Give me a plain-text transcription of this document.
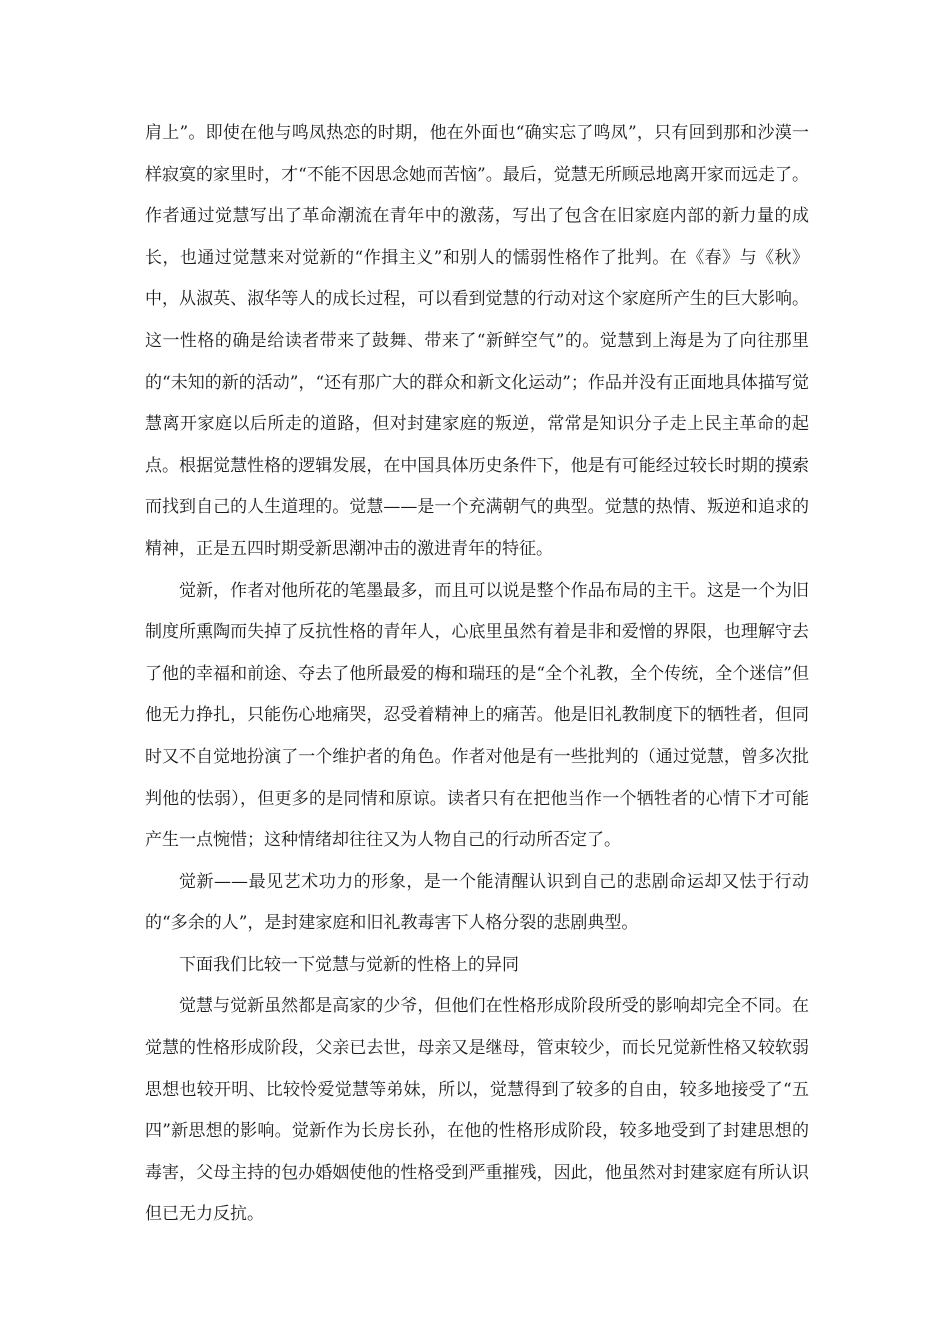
肩上”。即使在他与鸣凤热恋的时期，他在外面也“确实忘了鸣凤”，只有回到那和沙漠一样寂寞的家里时，才“不能不因思念她而苦恼”。最后，觉慧无所顾忌地离开家而远走了。作者通过觉慧写出了革命潮流在青年中的激荡，写出了包含在旧家庭内部的新力量的成长，也通过觉慧来对觉新的“作揖主义”和别人的懦弱性格作了批判。在《春》与《秋》中，从淑英、淑华等人的成长过程，可以看到觉慧的行动对这个家庭所产生的巨大影响。这一性格的确是给读者带来了鼓舞、带来了“新鲜空气”的。觉慧到上海是为了向往那里的“未知的新的活动”，“还有那广大的群众和新文化运动”；作品并没有正面地具体描写觉慧离开家庭以后所走的道路，但对封建家庭的叛逆，常常是知识分子走上民主革命的起点。根据觉慧性格的逻辑发展，在中国具体历史条件下，他是有可能经过较长时期的摸索而找到自己的人生道理的。觉慧——是一个充满朝气的典型。觉慧的热情、叛逆和追求的精神，正是五四时期受新思潮冲击的激进青年的特征。

觉新，作者对他所花的笔墨最多，而且可以说是整个作品布局的主干。这是一个为旧制度所熏陶而失掉了反抗性格的青年人，心底里虽然有着是非和爱憎的界限，也理解守去了他的幸福和前途、夺去了他所最爱的梅和瑞珏的是“全个礼教，全个传统，全个迷信”但他无力挣扎，只能伤心地痛哭，忍受着精神上的痛苦。他是旧礼教制度下的牺牲者，但同时又不自觉地扮演了一个维护者的角色。作者对他是有一些批判的（通过觉慧，曾多次批判他的怯弱），但更多的是同情和原谅。读者只有在把他当作一个牺牲者的心情下才可能产生一点惋惜；这种情绪却往往又为人物自己的行动所否定了。

觉新——最见艺术功力的形象，是一个能清醒认识到自己的悲剧命运却又怯于行动的“多余的人”，是封建家庭和旧礼教毒害下人格分裂的悲剧典型。

下面我们比较一下觉慧与觉新的性格上的异同

觉慧与觉新虽然都是高家的少爷，但他们在性格形成阶段所受的影响却完全不同。在觉慧的性格形成阶段，父亲已去世，母亲又是继母，管束较少，而长兄觉新性格又较软弱思想也较开明、比较怜爱觉慧等弟妹，所以，觉慧得到了较多的自由，较多地接受了“五四”新思想的影响。觉新作为长房长孙，在他的性格形成阶段，较多地受到了封建思想的毒害，父母主持的包办婚姻使他的性格受到严重摧残，因此，他虽然对封建家庭有所认识但已无力反抗。
